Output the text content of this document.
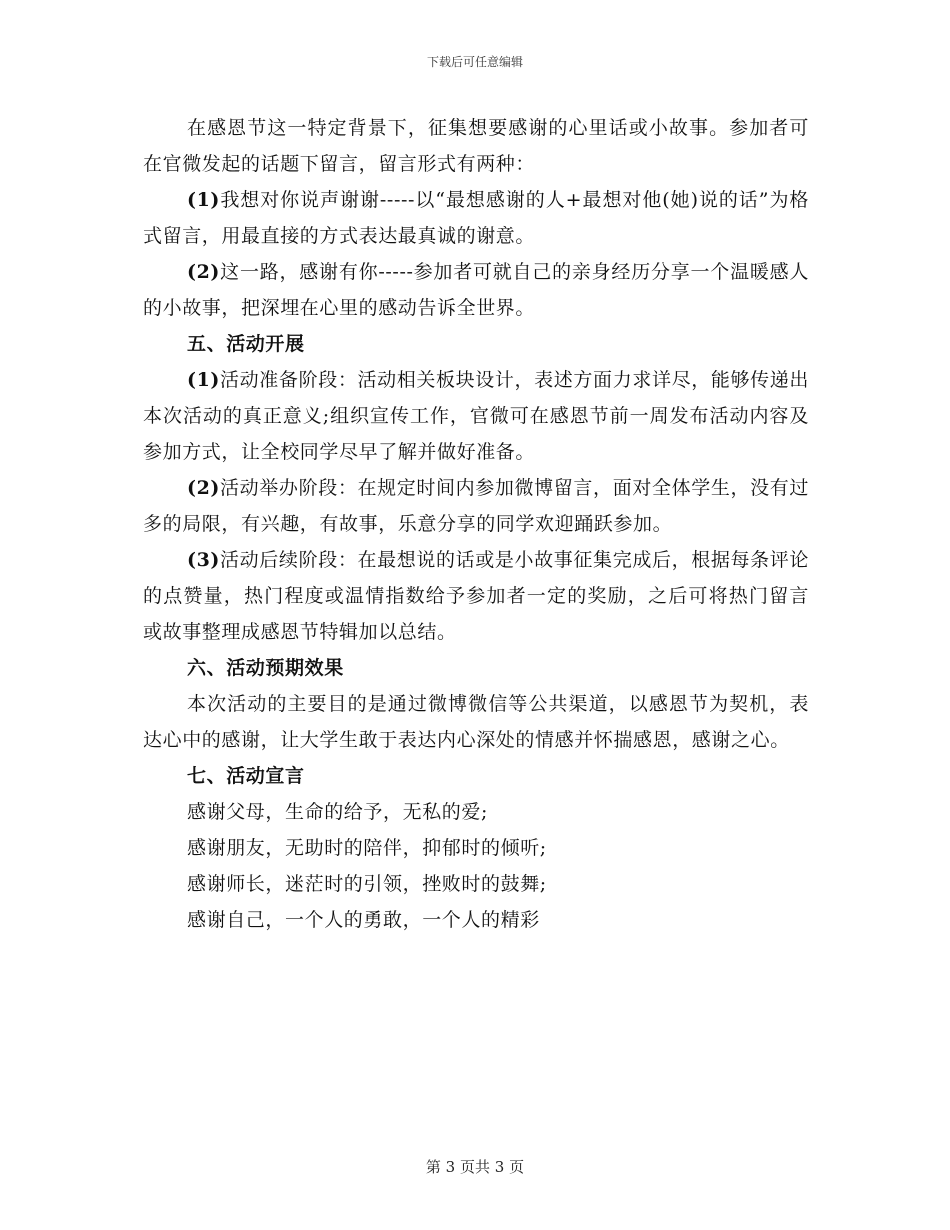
下载后可任意编辑

在感恩节这一特定背景下，征集想要感谢的心里话或小故事。参加者可在官微发起的话题下留言，留言形式有两种：

(1)我想对你说声谢谢-----以“最想感谢的人+最想对他(她)说的话”为格式留言，用最直接的方式表达最真诚的谢意。

(2)这一路，感谢有你-----参加者可就自己的亲身经历分享一个温暖感人的小故事，把深埋在心里的感动告诉全世界。

五、活动开展

(1)活动准备阶段：活动相关板块设计，表述方面力求详尽，能够传递出本次活动的真正意义;组织宣传工作，官微可在感恩节前一周发布活动内容及参加方式，让全校同学尽早了解并做好准备。

(2)活动举办阶段：在规定时间内参加微博留言，面对全体学生，没有过多的局限，有兴趣，有故事，乐意分享的同学欢迎踊跃参加。

(3)活动后续阶段：在最想说的话或是小故事征集完成后，根据每条评论的点赞量，热门程度或温情指数给予参加者一定的奖励，之后可将热门留言或故事整理成感恩节特辑加以总结。

六、活动预期效果

本次活动的主要目的是通过微博微信等公共渠道，以感恩节为契机，表达心中的感谢，让大学生敢于表达内心深处的情感并怀揣感恩，感谢之心。

七、活动宣言

感谢父母，生命的给予，无私的爱;

感谢朋友，无助时的陪伴，抑郁时的倾听;

感谢师长，迷茫时的引领，挫败时的鼓舞;

感谢自己，一个人的勇敢，一个人的精彩

第 3 页共 3 页
